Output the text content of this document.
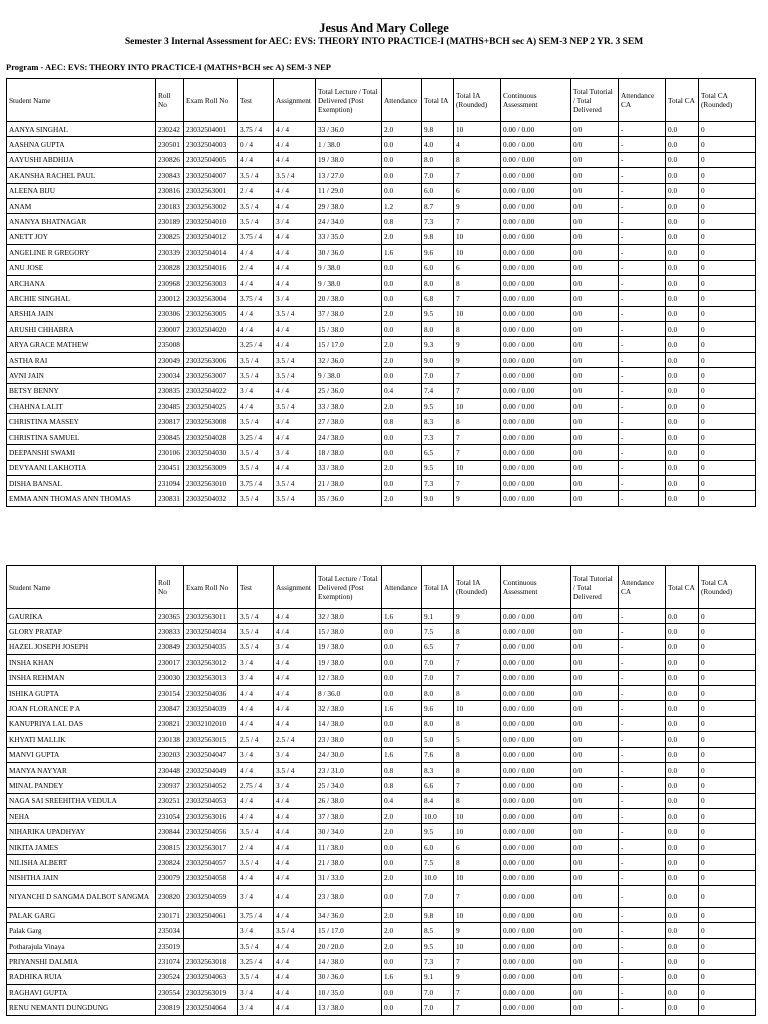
Jesus And Mary College
Semester 3 Internal Assessment for AEC: EVS: THEORY INTO PRACTICE-I (MATHS+BCH sec A) SEM-3 NEP 2 YR. 3 SEM
Program - AEC: EVS: THEORY INTO PRACTICE-I (MATHS+BCH sec A) SEM-3 NEP
Student Name	Roll No	Exam Roll No	Test	Assignment	Total Lecture / Total Delivered (Post Exemption)	Attendance	Total IA	Total IA (Rounded)	Continuous Assessment	Total Tutorial / Total Delivered	Attendance CA	Total CA	Total CA (Rounded)
AANYA SINGHAL	230242	23032504001	3.75 / 4	4 / 4	33 / 36.0	2.0	9.8	10	0.00 / 0.00	0/0	-	0.0	0
AASHNA GUPTA	230501	23032504003	0 / 4	4 / 4	1 / 38.0	0.0	4.0	4	0.00 / 0.00	0/0	-	0.0	0
AAYUSHI ABDHIJA	230826	23032504005	4 / 4	4 / 4	19 / 38.0	0.0	8.0	8	0.00 / 0.00	0/0	-	0.0	0
AKANSHA RACHEL PAUL	230843	23032504007	3.5 / 4	3.5 / 4	13 / 27.0	0.0	7.0	7	0.00 / 0.00	0/0	-	0.0	0
ALEENA BIJU	230816	23032563001	2 / 4	4 / 4	11 / 29.0	0.0	6.0	6	0.00 / 0.00	0/0	-	0.0	0
ANAM	230183	23032563002	3.5 / 4	4 / 4	29 / 38.0	1.2	8.7	9	0.00 / 0.00	0/0	-	0.0	0
ANANYA BHATNAGAR	230189	23032504010	3.5 / 4	3 / 4	24 / 34.0	0.8	7.3	7	0.00 / 0.00	0/0	-	0.0	0
ANETT JOY	230825	23032504012	3.75 / 4	4 / 4	33 / 35.0	2.0	9.8	10	0.00 / 0.00	0/0	-	0.0	0
ANGELINE R GREGORY	230339	23032504014	4 / 4	4 / 4	30 / 36.0	1.6	9.6	10	0.00 / 0.00	0/0	-	0.0	0
ANU JOSE	230828	23032504016	2 / 4	4 / 4	9 / 38.0	0.0	6.0	6	0.00 / 0.00	0/0	-	0.0	0
ARCHANA	230968	23032563003	4 / 4	4 / 4	9 / 38.0	0.0	8.0	8	0.00 / 0.00	0/0	-	0.0	0
ARCHIE SINGHAL	230012	23032563004	3.75 / 4	3 / 4	20 / 38.0	0.0	6.8	7	0.00 / 0.00	0/0	-	0.0	0
ARSHIA JAIN	230306	23032563005	4 / 4	3.5 / 4	37 / 38.0	2.0	9.5	10	0.00 / 0.00	0/0	-	0.0	0
ARUSHI CHHABRA	230007	23032504020	4 / 4	4 / 4	15 / 38.0	0.0	8.0	8	0.00 / 0.00	0/0	-	0.0	0
ARYA GRACE MATHEW	235008		3.25 / 4	4 / 4	15 / 17.0	2.0	9.3	9	0.00 / 0.00	0/0	-	0.0	0
ASTHA RAI	230049	23032563006	3.5 / 4	3.5 / 4	32 / 36.0	2.0	9.0	9	0.00 / 0.00	0/0	-	0.0	0
AVNI JAIN	230034	23032563007	3.5 / 4	3.5 / 4	9 / 38.0	0.0	7.0	7	0.00 / 0.00	0/0	-	0.0	0
BETSY BENNY	230835	23032504022	3 / 4	4 / 4	25 / 36.0	0.4	7.4	7	0.00 / 0.00	0/0	-	0.0	0
CHAHNA LALIT	230485	23032504025	4 / 4	3.5 / 4	33 / 38.0	2.0	9.5	10	0.00 / 0.00	0/0	-	0.0	0
CHRISTINA MASSEY	230817	23032563008	3.5 / 4	4 / 4	27 / 38.0	0.8	8.3	8	0.00 / 0.00	0/0	-	0.0	0
CHRISTINA SAMUEL	230845	23032504028	3.25 / 4	4 / 4	24 / 38.0	0.0	7.3	7	0.00 / 0.00	0/0	-	0.0	0
DEEPANSHI SWAMI	230106	23032504030	3.5 / 4	3 / 4	18 / 38.0	0.0	6.5	7	0.00 / 0.00	0/0	-	0.0	0
DEVYAANI LAKHOTIA	230451	23032563009	3.5 / 4	4 / 4	33 / 38.0	2.0	9.5	10	0.00 / 0.00	0/0	-	0.0	0
DISHA BANSAL	231094	23032563010	3.75 / 4	3.5 / 4	21 / 38.0	0.0	7.3	7	0.00 / 0.00	0/0	-	0.0	0
EMMA ANN THOMAS ANN THOMAS	230831	23032504032	3.5 / 4	3.5 / 4	35 / 36.0	2.0	9.0	9	0.00 / 0.00	0/0	-	0.0	0
Student Name	Roll No	Exam Roll No	Test	Assignment	Total Lecture / Total Delivered (Post Exemption)	Attendance	Total IA	Total IA (Rounded)	Continuous Assessment	Total Tutorial / Total Delivered	Attendance CA	Total CA	Total CA (Rounded)
GAURIKA	230365	23032563011	3.5 / 4	4 / 4	32 / 38.0	1.6	9.1	9	0.00 / 0.00	0/0	-	0.0	0
GLORY PRATAP	230833	23032504034	3.5 / 4	4 / 4	15 / 38.0	0.0	7.5	8	0.00 / 0.00	0/0	-	0.0	0
HAZEL JOSEPH JOSEPH	230849	23032504035	3.5 / 4	3 / 4	19 / 38.0	0.0	6.5	7	0.00 / 0.00	0/0	-	0.0	0
INSHA KHAN	230017	23032563012	3 / 4	4 / 4	19 / 38.0	0.0	7.0	7	0.00 / 0.00	0/0	-	0.0	0
INSHA REHMAN	230030	23032563013	3 / 4	4 / 4	12 / 38.0	0.0	7.0	7	0.00 / 0.00	0/0	-	0.0	0
ISHIKA GUPTA	230154	23032504036	4 / 4	4 / 4	8 / 36.0	0.0	8.0	8	0.00 / 0.00	0/0	-	0.0	0
JOAN FLORANCE P A	230847	23032504039	4 / 4	4 / 4	32 / 38.0	1.6	9.6	10	0.00 / 0.00	0/0	-	0.0	0
KANUPRIYA LAL DAS	230821	23032102010	4 / 4	4 / 4	14 / 38.0	0.0	8.0	8	0.00 / 0.00	0/0	-	0.0	0
KHYATI MALLIK	230138	23032563015	2.5 / 4	2.5 / 4	23 / 38.0	0.0	5.0	5	0.00 / 0.00	0/0	-	0.0	0
MANVI GUPTA	230203	23032504047	3 / 4	3 / 4	24 / 30.0	1.6	7.6	8	0.00 / 0.00	0/0	-	0.0	0
MANYA NAYYAR	230448	23032504049	4 / 4	3.5 / 4	23 / 31.0	0.8	8.3	8	0.00 / 0.00	0/0	-	0.0	0
MINAL PANDEY	230937	23032504052	2.75 / 4	3 / 4	25 / 34.0	0.8	6.6	7	0.00 / 0.00	0/0	-	0.0	0
NAGA SAI SREEHITHA VEDULA	230251	23032504053	4 / 4	4 / 4	26 / 38.0	0.4	8.4	8	0.00 / 0.00	0/0	-	0.0	0
NEHA	231054	23032563016	4 / 4	4 / 4	37 / 38.0	2.0	10.0	10	0.00 / 0.00	0/0	-	0.0	0
NIHARIKA UPADHYAY	230844	23032504056	3.5 / 4	4 / 4	30 / 34.0	2.0	9.5	10	0.00 / 0.00	0/0	-	0.0	0
NIKITA JAMES	230815	23032563017	2 / 4	4 / 4	11 / 38.0	0.0	6.0	6	0.00 / 0.00	0/0	-	0.0	0
NILISHA ALBERT	230824	23032504057	3.5 / 4	4 / 4	21 / 38.0	0.0	7.5	8	0.00 / 0.00	0/0	-	0.0	0
NISHTHA JAIN	230079	23032504058	4 / 4	4 / 4	31 / 33.0	2.0	10.0	10	0.00 / 0.00	0/0	-	0.0	0
NIYANCHI D SANGMA DALBOT SANGMA	230820	23032504059	3 / 4	4 / 4	23 / 38.0	0.0	7.0	7	0.00 / 0.00	0/0	-	0.0	0
PALAK GARG	230171	23032504061	3.75 / 4	4 / 4	34 / 36.0	2.0	9.8	10	0.00 / 0.00	0/0	-	0.0	0
Palak Garg	235034		3 / 4	3.5 / 4	15 / 17.0	2.0	8.5	9	0.00 / 0.00	0/0	-	0.0	0
Potharajula Vinaya	235019		3.5 / 4	4 / 4	20 / 20.0	2.0	9.5	10	0.00 / 0.00	0/0	-	0.0	0
PRIYANSHI DALMIA	231074	23032563018	3.25 / 4	4 / 4	14 / 38.0	0.0	7.3	7	0.00 / 0.00	0/0	-	0.0	0
RADHIKA RUIA	230524	23032504063	3.5 / 4	4 / 4	30 / 36.0	1.6	9.1	9	0.00 / 0.00	0/0	-	0.0	0
RAGHAVI GUPTA	230554	23032563019	3 / 4	4 / 4	10 / 35.0	0.0	7.0	7	0.00 / 0.00	0/0	-	0.0	0
RENU NEMANTI DUNGDUNG	230819	23032504064	3 / 4	4 / 4	13 / 38.0	0.0	7.0	7	0.00 / 0.00	0/0	-	0.0	0
